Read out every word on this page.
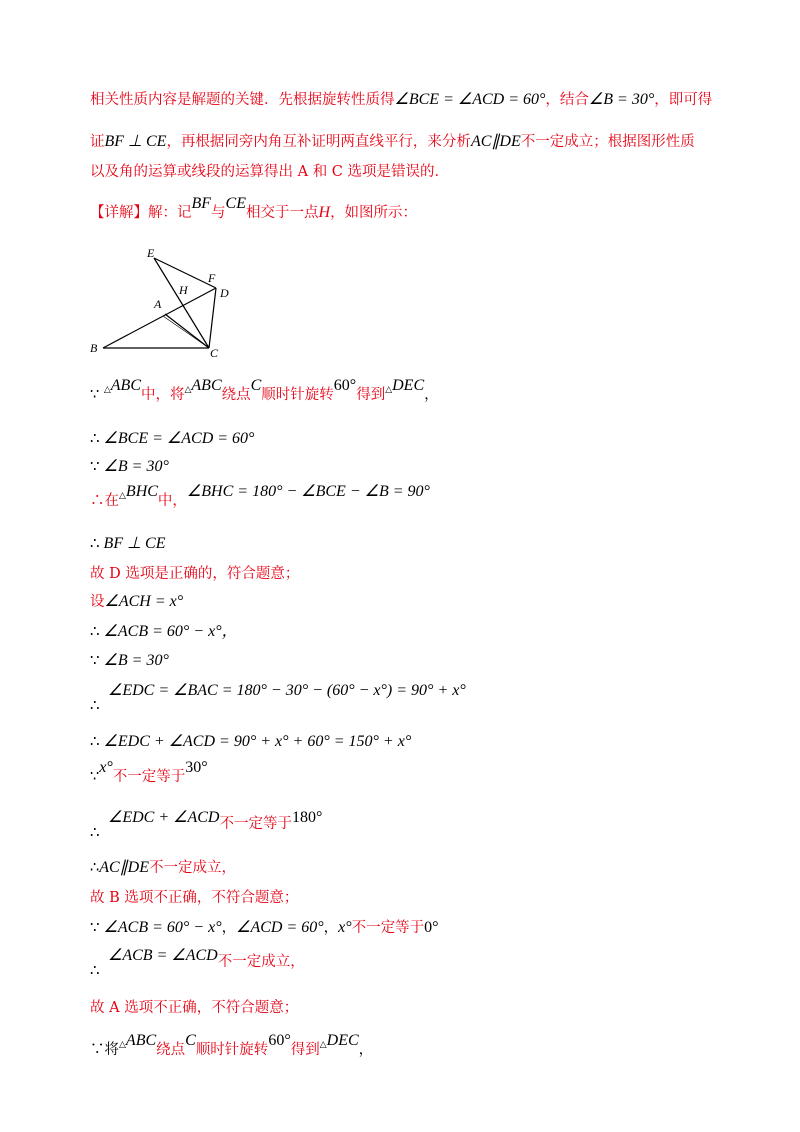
相关性质内容是解题的关键．先根据旋转性质得∠BCE = ∠ACD = 60°，结合∠B = 30°，即可得
证BF ⊥ CE，再根据同旁内角互补证明两直线平行，来分析AC∥DE不一定成立；根据图形性质
以及角的运算或线段的运算得出 A 和 C 选项是错误的．
【详解】解：记BF与CE相交于一点H，如图所示：
E
F
H	D
A
B	C
∵ △ABC中，将△ABC绕点C顺时针旋转60°得到△DEC，
∴ ∠BCE = ∠ACD = 60°
∵ ∠B = 30°
∴在△BHC中，∠BHC = 180° − ∠BCE − ∠B = 90°
∴ BF ⊥ CE
故 D 选项是正确的，符合题意；
设∠ACH = x°
∴ ∠ACB = 60° − x°，
∵ ∠B = 30°
∴
∠EDC = ∠BAC = 180° − 30° − (60° − x°) = 90° + x°
∴ ∠EDC + ∠ACD = 90° + x° + 60° = 150° + x°
∵x°不一定等于30°
∴
∠EDC + ∠ACD不一定等于180°
∴AC∥DE不一定成立，
故 B 选项不正确，不符合题意；
∵ ∠ACB = 60° − x°，∠ACD = 60°，x°不一定等于0°
∴
∠ACB = ∠ACD不一定成立，
故 A 选项不正确，不符合题意；
∵将△ABC绕点C顺时针旋转60°得到△DEC，
